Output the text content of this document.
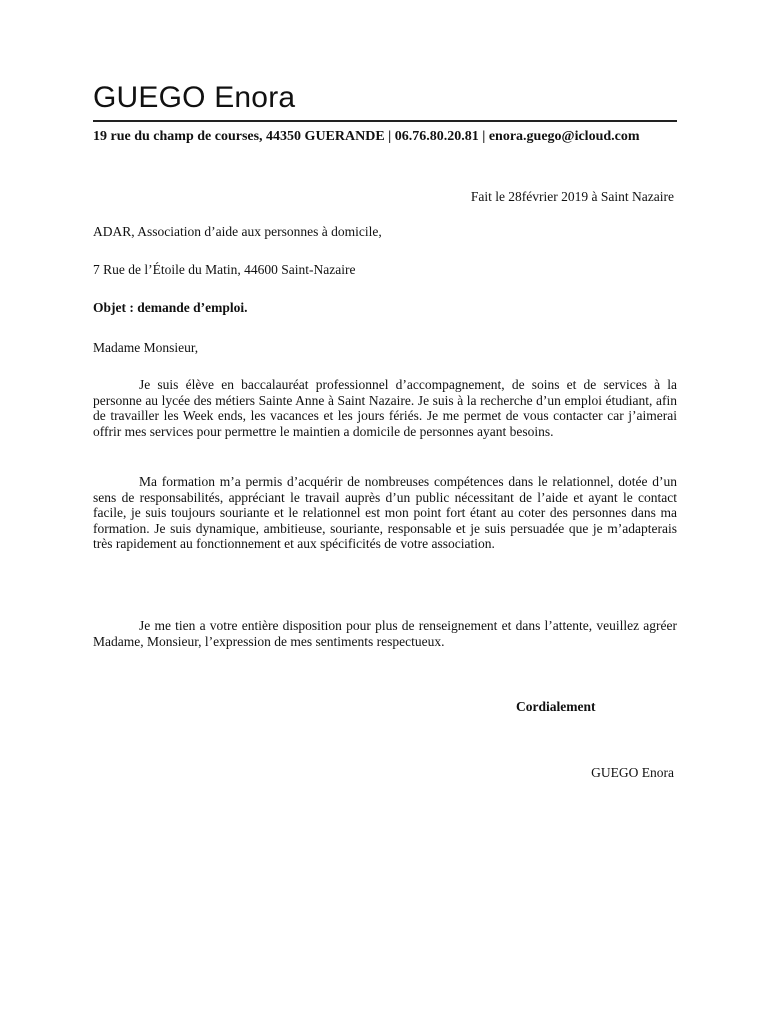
GUEGO Enora
19 rue du champ de courses, 44350 GUERANDE | 06.76.80.20.81 | enora.guego@icloud.com
Fait le 28février 2019 à Saint Nazaire
ADAR, Association d’aide aux personnes à domicile,
7 Rue de l’Étoile du Matin, 44600 Saint-Nazaire
Objet : demande d’emploi.
Madame Monsieur,

Je suis élève en baccalauréat professionnel d’accompagnement, de soins et de services à la personne au lycée des métiers Sainte Anne à Saint Nazaire. Je suis à la recherche d’un emploi étudiant, afin de travailler les Week ends, les vacances et les jours fériés. Je me permet de vous contacter car j’aimerai offrir mes services pour permettre le maintien a domicile de personnes ayant besoins.

Ma formation m’a permis d’acquérir de nombreuses compétences dans le relationnel, dotée d’un sens de responsabilités, appréciant le travail auprès d’un public nécessitant de l’aide et ayant le contact facile, je suis toujours souriante et le relationnel est mon point fort étant au coter des personnes dans ma formation. Je suis dynamique, ambitieuse, souriante, responsable et je suis persuadée que je m’adapterais très rapidement au fonctionnement et aux spécificités de votre association.

Je me tien a votre entière disposition pour plus de renseignement et dans l’attente, veuillez agréer Madame, Monsieur, l’expression de mes sentiments respectueux.

Cordialement
GUEGO Enora
